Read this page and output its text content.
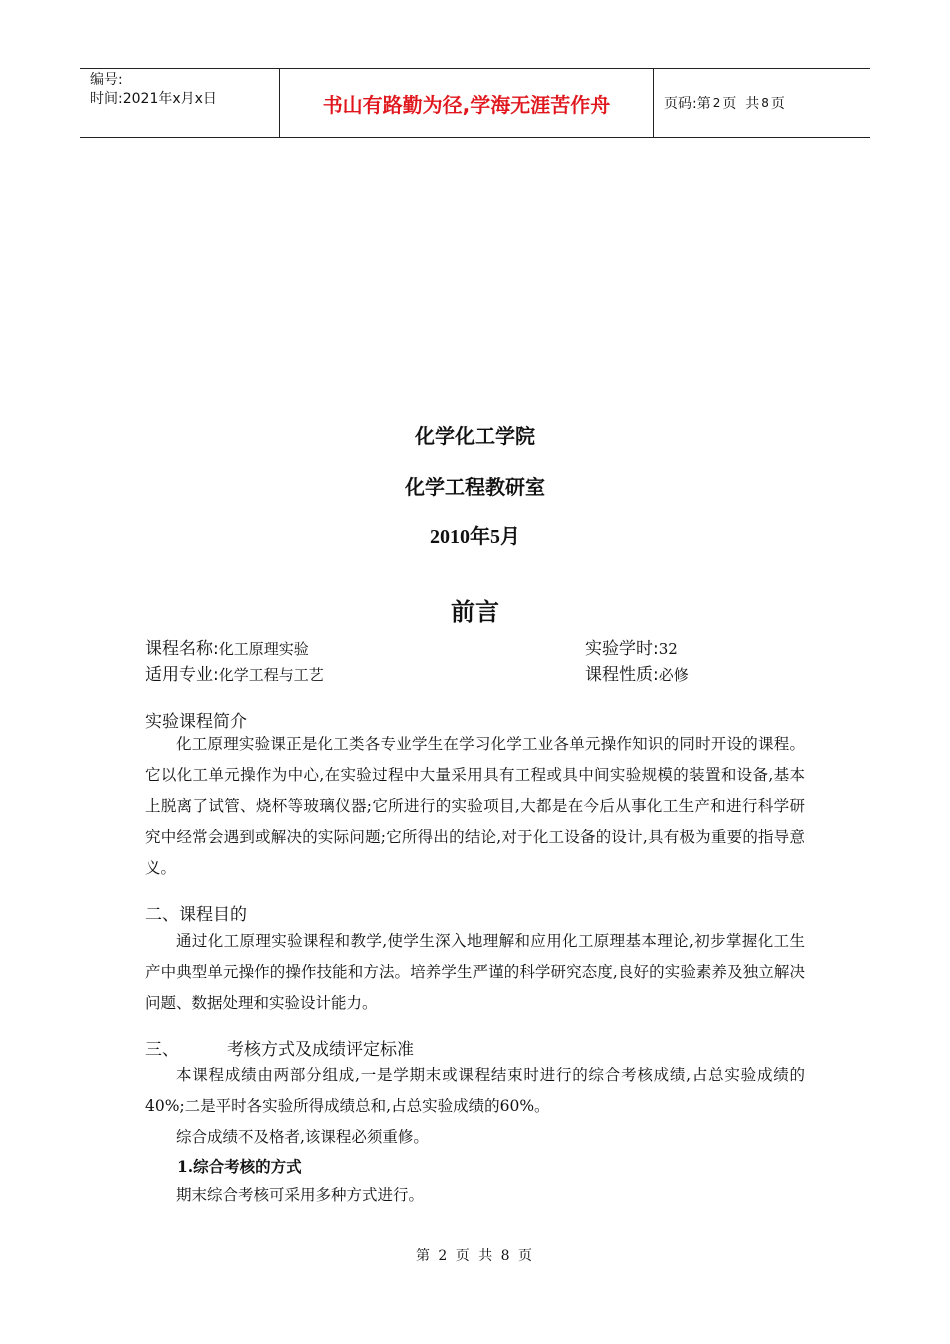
编号:
时间:2021年x月x日	书山有路勤为径,学海无涯苦作舟	页码:第 2 页  共 8 页
化学化工学院
化学工程教研室
2010年5月
前言
课程名称:化工原理实验	实验学时:32
适用专业:化学工程与工艺	课程性质:必修
实验课程简介
化工原理实验课正是化工类各专业学生在学习化学工业各单元操作知识的同时开设的课程。它以化工单元操作为中心,在实验过程中大量采用具有工程或具中间实验规模的装置和设备,基本上脱离了试管、烧杯等玻璃仪器;它所进行的实验项目,大都是在今后从事化工生产和进行科学研究中经常会遇到或解决的实际问题;它所得出的结论,对于化工设备的设计,具有极为重要的指导意义。
二、课程目的
通过化工原理实验课程和教学,使学生深入地理解和应用化工原理基本理论,初步掌握化工生产中典型单元操作的操作技能和方法。培养学生严谨的科学研究态度,良好的实验素养及独立解决问题、数据处理和实验设计能力。
三、	考核方式及成绩评定标准
本课程成绩由两部分组成,一是学期末或课程结束时进行的综合考核成绩,占总实验成绩的40%;二是平时各实验所得成绩总和,占总实验成绩的60%。
综合成绩不及格者,该课程必须重修。
1.综合考核的方式
期末综合考核可采用多种方式进行。
第 2 页 共 8 页
